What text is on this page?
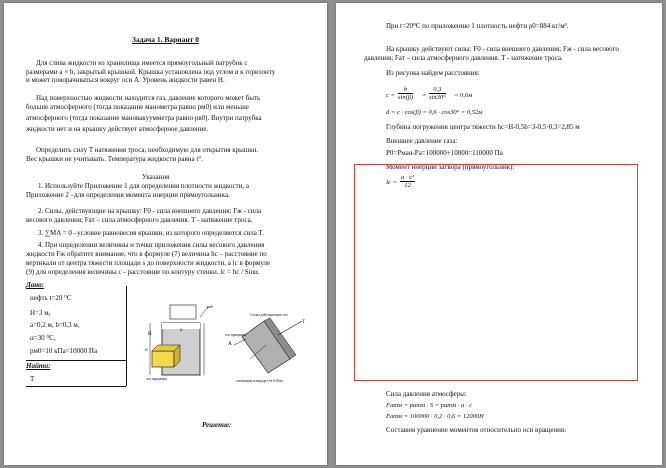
Задача 1. Вариант 0
Для слива жидкости из хранилища имеется прямоугольный патрубок с
размерами a × b, закрытый крышкой. Крышка установлена под углом α к горизонту
и может поворачиваться вокруг оси А. Уровень жидкости равен H.
Над поверхностью жидкости находится газ, давление которого может быть
больше атмосферного (тогда показание манометра равно pм0) или меньше
атмосферного (тогда показание мановакуумметра равно pв0). Внутри патрубка
жидкости нет и на крышку действует атмосферное давление.
Определить силу T натяжения троса, необходимую для открытия крышки.
Вес крышки не учитывать. Температура жидкости равна t°.
Указания
1. Используйте Приложение 1 для определения плотности жидкости, а
Приложение 2 –для определения момента инерции прямоугольника.
2. Силы, действующие на крышку: F0 - сила внешнего давления; Fж - сила
весового давления; Fат – сила атмосферного давления. T - натяжение троса.
3. ∑MA = 0 –условие равновесия крышки, из которого определяется сила Т.
4. При определении величины и точки приложения силы весового давления
жидкости Fж обратите внимание, что в формуле (7) величина hc – расстояние по
вертикали от центра тяжести площади s до поверхности жидкости, а lc в формуле
(9) для определения величины с - расстояние по контуру стенки. lc = hc / Sinα.
Дано:
нефть t=20 ⁰C
H=3 м,
a=0,2 м, b=0,3 м,
α=30 ⁰C,
pм0=10 кПа=10000 Па
Найти:
T
pм0
H
α
a
ось вращения
Схема действующих сил
ось вращения
A
T
смоченная площадь s=a·b/Sinα
Решение:
При t=20⁰C по приложению 1 плотность нефти ρ0=884 кг/м³.
На крышку действуют силы: F0 - сила внешнего давления; Fж - сила весового
давления; Fат – сила атмосферного давления. T - натяжение троса.
Из рисунка найдем расстояния:
$c = \frac{b}{\sin(\beta)} = \frac{0,3}{\sin 30^\circ} = 0,6м$
d = c · cos(β) = 0,6 · cos30° = 0,52м
Глубина погружения центра тяжести hc=H-0,5b=3-0,5·0,3=2,85 м
Внешнее давление газа:
P0=Pман-Pа=100000+10000=110000 Па
Момент инерции затвора (прямоугольник):
$Ic = \frac{\text{a · c³}}{12}$
Сила давления атмосферы:
Fатм = pатм · S = pатм · a · c
Fатм = 100000 · 0,2 · 0,6 = 12000Н
Составим уравнение моментов относительно оси вращения:
